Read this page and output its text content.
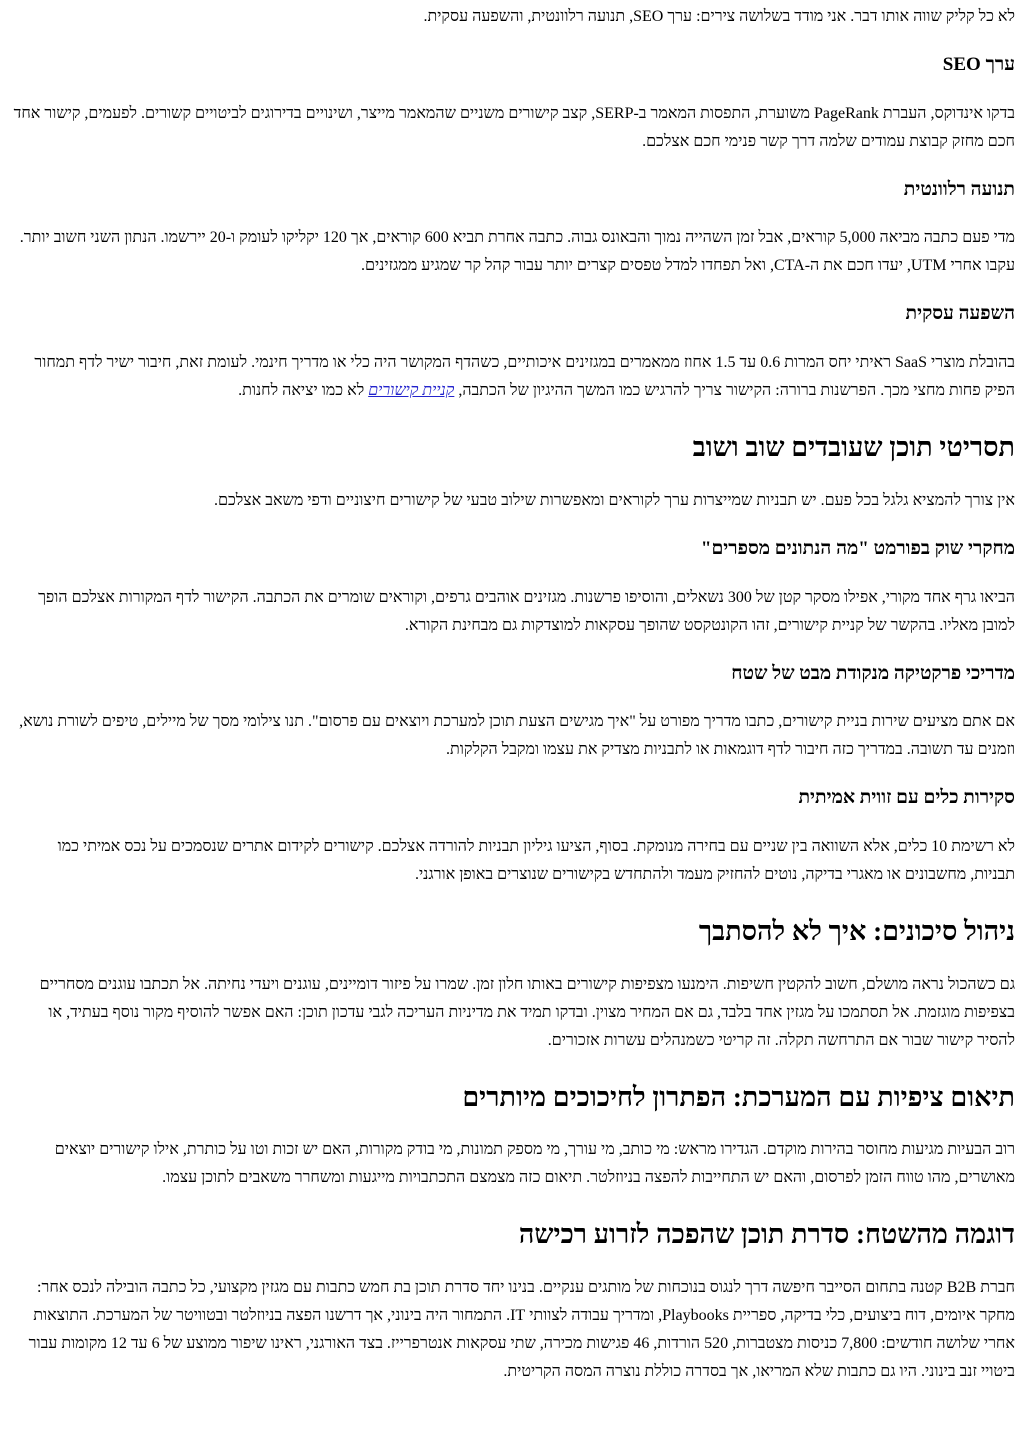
לא כל קליק שווה אותו דבר. אני מודד בשלושה צירים: ערך SEO, תנועה רלוונטית, והשפעה עסקית.

ערך SEO

בדקו אינדוקס, העברת PageRank משוערת, התפסות המאמר ב-SERP, קצב קישורים משניים שהמאמר מייצר, ושינויים בדירוגים לביטויים קשורים. לפעמים, קישור אחד חכם מחזק קבוצת עמודים שלמה דרך קשר פנימי חכם אצלכם.

תנועה רלוונטית

מדי פעם כתבה מביאה 5,000 קוראים, אבל זמן השהייה נמוך והבאונס גבוה. כתבה אחרת תביא 600 קוראים, אך 120 יקליקו לעומק ו-20 יירשמו. הנתון השני חשוב יותר. עקבו אחרי UTM, יעדו חכם את ה-CTA, ואל תפחדו למדל טפסים קצרים יותר עבור קהל קר שמגיע ממגזינים.

השפעה עסקית

בהובלת מוצרי SaaS ראיתי יחס המרות 0.6 עד 1.5 אחוז ממאמרים במגזינים איכותיים, כשהדף המקושר היה כלי או מדריך חינמי. לעומת זאת, חיבור ישיר לדף תמחור הפיק פחות מחצי מכך. הפרשנות ברורה: הקישור צריך להרגיש כמו המשך ההיגיון של הכתבה, קניית קישורים לא כמו יציאה לחנות.

תסריטי תוכן שעובדים שוב ושוב

אין צורך להמציא גלגל בכל פעם. יש תבניות שמייצרות ערך לקוראים ומאפשרות שילוב טבעי של קישורים חיצוניים ודפי משאב אצלכם.

מחקרי שוק בפורמט "מה הנתונים מספרים"

הביאו גרף אחד מקורי, אפילו מסקר קטן של 300 נשאלים, והוסיפו פרשנות. מגזינים אוהבים גרפים, וקוראים שומרים את הכתבה. הקישור לדף המקורות אצלכם הופך למובן מאליו. בהקשר של קניית קישורים, זהו הקונטקסט שהופך עסקאות למוצדקות גם מבחינת הקורא.

מדריכי פרקטיקה מנקודת מבט של שטח

אם אתם מציעים שירות בניית קישורים, כתבו מדריך מפורט על "איך מגישים הצעת תוכן למערכת ויוצאים עם פרסום". תנו צילומי מסך של מיילים, טיפים לשורת נושא, וזמנים עד תשובה. במדריך כזה חיבור לדף דוגמאות או לתבניות מצדיק את עצמו ומקבל הקלקות.

סקירות כלים עם זווית אמיתית

לא רשימת 10 כלים, אלא השוואה בין שניים עם בחירה מנומקת. בסוף, הציעו גיליון תבניות להורדה אצלכם. קישורים לקידום אתרים שנסמכים על נכס אמיתי כמו תבניות, מחשבונים או מאגרי בדיקה, נוטים להחזיק מעמד ולהתחדש בקישורים שנוצרים באופן אורגני.

ניהול סיכונים: איך לא להסתבך

גם כשהכול נראה מושלם, חשוב להקטין חשיפות. הימנעו מצפיפות קישורים באותו חלון זמן. שמרו על פיזור דומיינים, עוגנים ויעדי נחיתה. אל תכתבו עוגנים מסחריים בצפיפות מוגזמת. אל תסתמכו על מגזין אחד בלבד, גם אם המחיר מצוין. ובדקו תמיד את מדיניות העריכה לגבי עדכון תוכן: האם אפשר להוסיף מקור נוסף בעתיד, או להסיר קישור שבור אם התרחשה תקלה. זה קריטי כשמנהלים עשרות אזכורים.

תיאום ציפיות עם המערכת: הפתרון לחיכוכים מיותרים

רוב הבעיות מגיעות מחוסר בהירות מוקדם. הגדירו מראש: מי כותב, מי עורך, מי מספק תמונות, מי בודק מקורות, האם יש זכות וטו על כותרת, אילו קישורים יוצאים מאושרים, מהו טווח הזמן לפרסום, והאם יש התחייבות להפצה בניוזלטר. תיאום כזה מצמצם התכתבויות מייגעות ומשחרר משאבים לתוכן עצמו.

דוגמה מהשטח: סדרת תוכן שהפכה לזרוע רכישה

חברת B2B קטנה בתחום הסייבר חיפשה דרך לנגוס בנוכחות של מותגים ענקיים. בנינו יחד סדרת תוכן בת חמש כתבות עם מגזין מקצועי, כל כתבה הובילה לנכס אחר: מחקר איומים, דוח ביצועים, כלי בדיקה, ספריית Playbooks, ומדריך עבודה לצוותי IT. התמחור היה בינוני, אך דרשנו הפצה בניוזלטר ובטוויטר של המערכת. התוצאות אחרי שלושה חודשים: 7,800 כניסות מצטברות, 520 הורדות, 46 פגישות מכירה, שתי עסקאות אנטרפרייז. בצד האורגני, ראינו שיפור ממוצע של 6 עד 12 מקומות עבור ביטויי זנב בינוני. היו גם כתבות שלא המריאו, אך בסדרה כוללת נוצרה המסה הקריטית.
